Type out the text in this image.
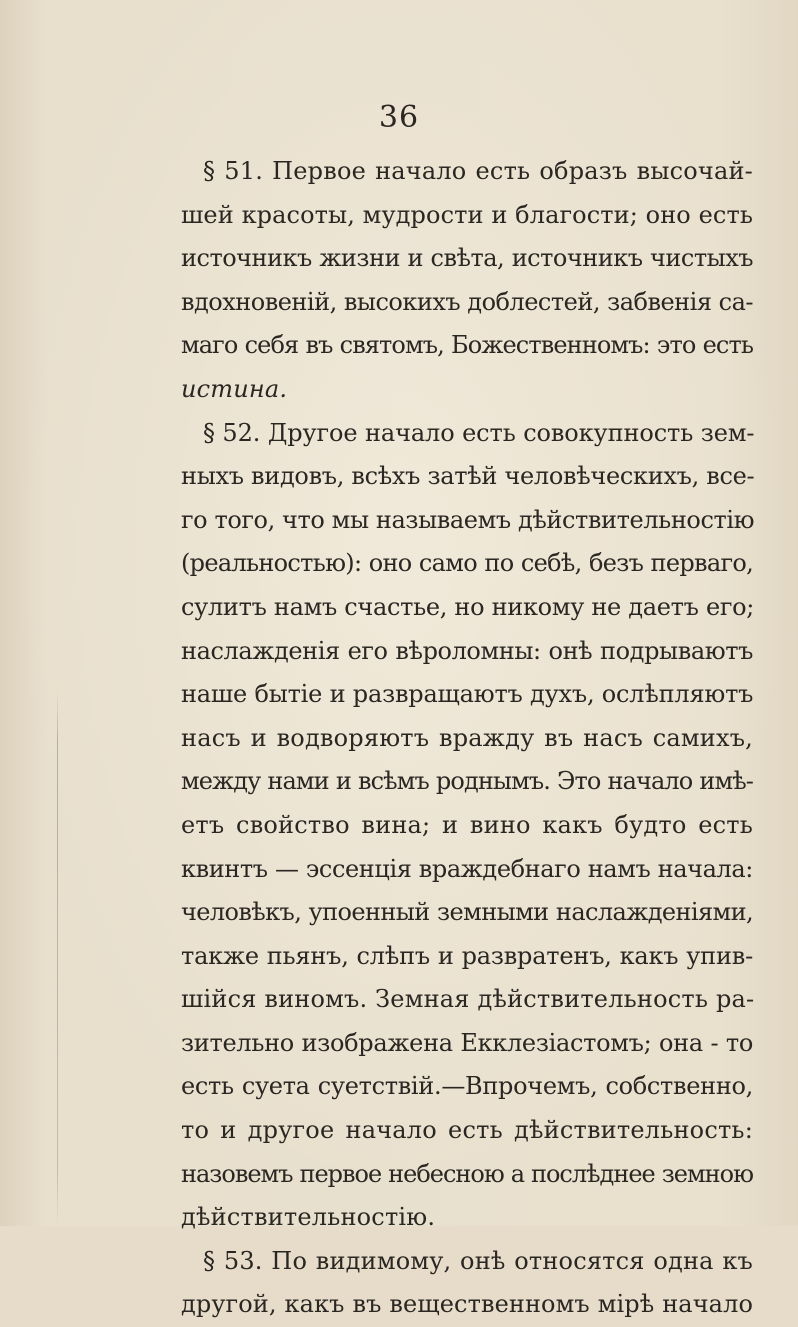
36
§ 51. Первое начало есть образъ высочай-
шей красоты, мудрости и благости; оно есть
источникъ жизни и свѣта, источникъ чистыхъ
вдохновеній, высокихъ доблестей, забвенія са-
маго себя въ святомъ, Божественномъ: это есть
истина.
§ 52. Другое начало есть совокупность зем-
ныхъ видовъ, всѣхъ затѣй человѣческихъ, все-
го того, что мы называемъ дѣйствительностію
(реальностью): оно само по себѣ, безъ перваго,
сулитъ намъ счастье, но никому не даетъ его;
наслажденія его вѣроломны: онѣ подрываютъ
наше бытіе и развращаютъ духъ, ослѣпляютъ
насъ и водворяютъ вражду въ насъ самихъ,
между нами и всѣмъ роднымъ. Это начало имѣ-
етъ свойство вина; и вино какъ будто есть
квинтъ — эссенція враждебнаго намъ начала:
человѣкъ, упоенный земными наслажденіями,
также пьянъ, слѣпъ и развратенъ, какъ упив-
шійся виномъ. Земная дѣйствительность ра-
зительно изображена Екклезіастомъ; она - то
есть суета суетствій.—Впрочемъ, собственно,
то и другое начало есть дѣйствительность:
назовемъ первое небесною а послѣднее земною
дѣйствительностію.
§ 53. По видимому, онѣ относятся одна къ
другой, какъ въ вещественномъ мірѣ начало
